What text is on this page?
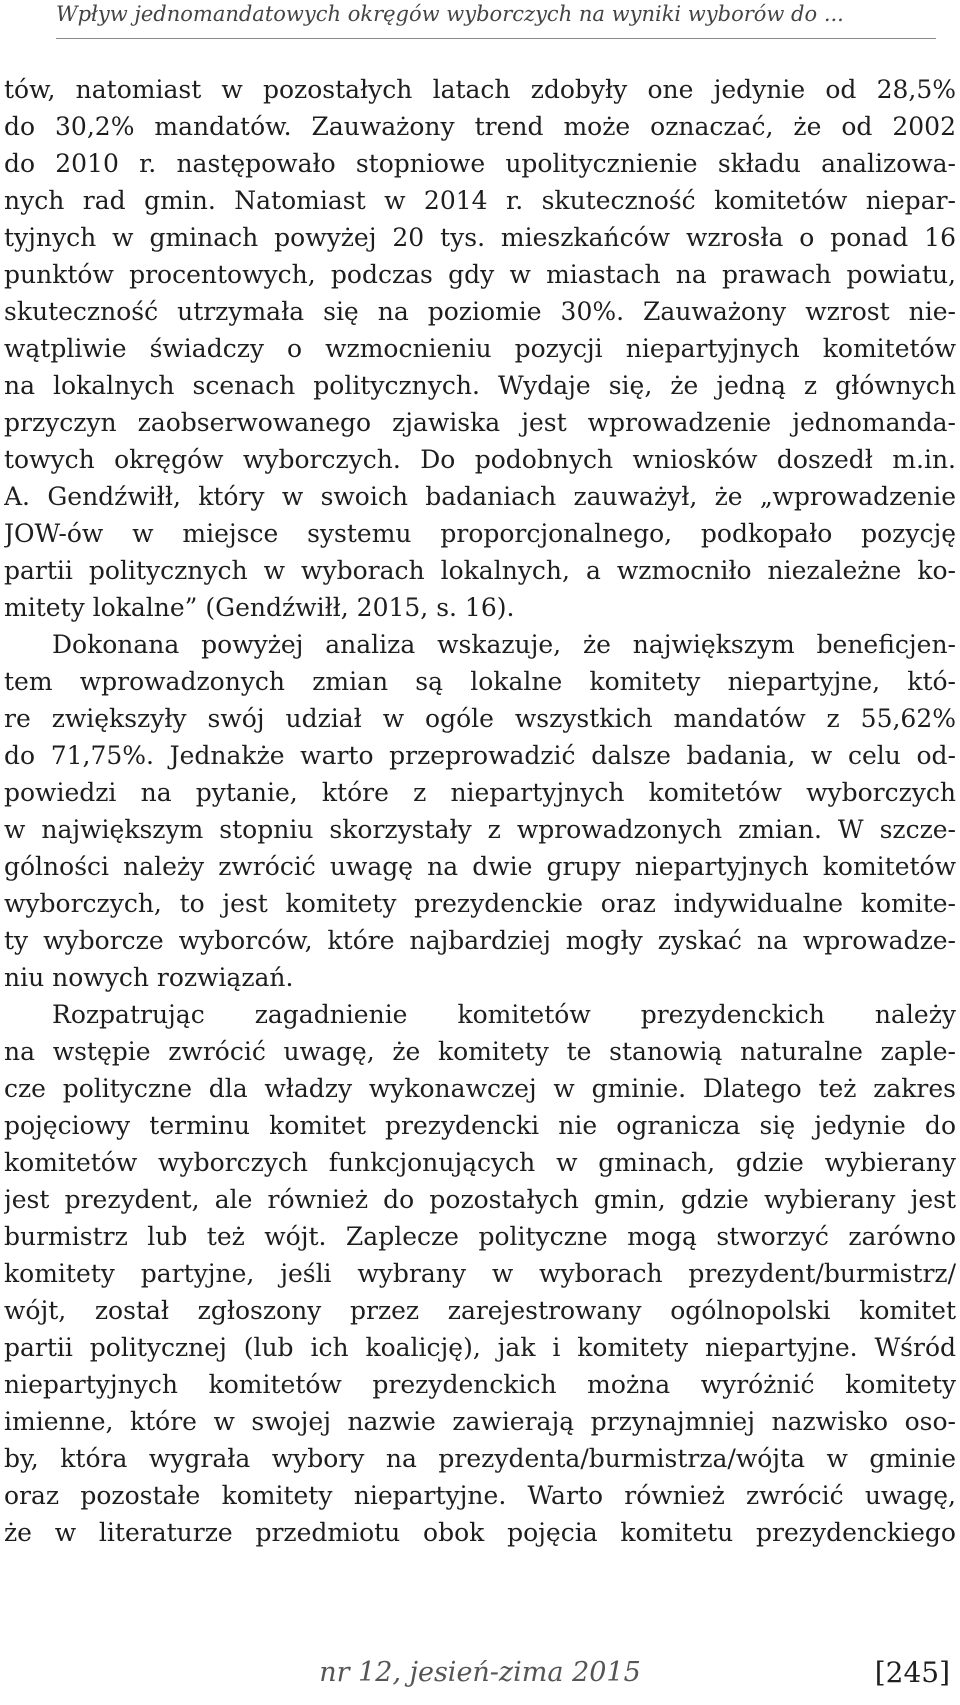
Wpływ jednomandatowych okręgów wyborczych na wyniki wyborów do ...
tów, natomiast w pozostałych latach zdobyły one jedynie od 28,5%
do 30,2% mandatów. Zauważony trend może oznaczać, że od 2002
do 2010 r. następowało stopniowe upolitycznienie składu analizowa-
nych rad gmin. Natomiast w 2014 r. skuteczność komitetów niepar-
tyjnych w gminach powyżej 20 tys. mieszkańców wzrosła o ponad 16
punktów procentowych, podczas gdy w miastach na prawach powiatu,
skuteczność utrzymała się na poziomie 30%. Zauważony wzrost nie-
wątpliwie świadczy o wzmocnieniu pozycji niepartyjnych komitetów
na lokalnych scenach politycznych. Wydaje się, że jedną z głównych
przyczyn zaobserwowanego zjawiska jest wprowadzenie jednomanda-
towych okręgów wyborczych. Do podobnych wniosków doszedł m.in.
A. Gendźwiłł, który w swoich badaniach zauważył, że „wprowadzenie
JOW-ów w miejsce systemu proporcjonalnego, podkopało pozycję
partii politycznych w wyborach lokalnych, a wzmocniło niezależne ko-
mitety lokalne” (Gendźwiłł, 2015, s. 16).
Dokonana powyżej analiza wskazuje, że największym beneficjen-
tem wprowadzonych zmian są lokalne komitety niepartyjne, któ-
re zwiększyły swój udział w ogóle wszystkich mandatów z 55,62%
do 71,75%. Jednakże warto przeprowadzić dalsze badania, w celu od-
powiedzi na pytanie, które z niepartyjnych komitetów wyborczych
w największym stopniu skorzystały z wprowadzonych zmian. W szcze-
gólności należy zwrócić uwagę na dwie grupy niepartyjnych komitetów
wyborczych, to jest komitety prezydenckie oraz indywidualne komite-
ty wyborcze wyborców, które najbardziej mogły zyskać na wprowadze-
niu nowych rozwiązań.
Rozpatrując zagadnienie komitetów prezydenckich należy
na wstępie zwrócić uwagę, że komitety te stanowią naturalne zaple-
cze polityczne dla władzy wykonawczej w gminie. Dlatego też zakres
pojęciowy terminu komitet prezydencki nie ogranicza się jedynie do
komitetów wyborczych funkcjonujących w gminach, gdzie wybierany
jest prezydent, ale również do pozostałych gmin, gdzie wybierany jest
burmistrz lub też wójt. Zaplecze polityczne mogą stworzyć zarówno
komitety partyjne, jeśli wybrany w wyborach prezydent/burmistrz/
wójt, został zgłoszony przez zarejestrowany ogólnopolski komitet
partii politycznej (lub ich koalicję), jak i komitety niepartyjne. Wśród
niepartyjnych komitetów prezydenckich można wyróżnić komitety
imienne, które w swojej nazwie zawierają przynajmniej nazwisko oso-
by, która wygrała wybory na prezydenta/burmistrza/wójta w gminie
oraz pozostałe komitety niepartyjne. Warto również zwrócić uwagę,
że w literaturze przedmiotu obok pojęcia komitetu prezydenckiego
nr 12, jesień-zima 2015	[245]
